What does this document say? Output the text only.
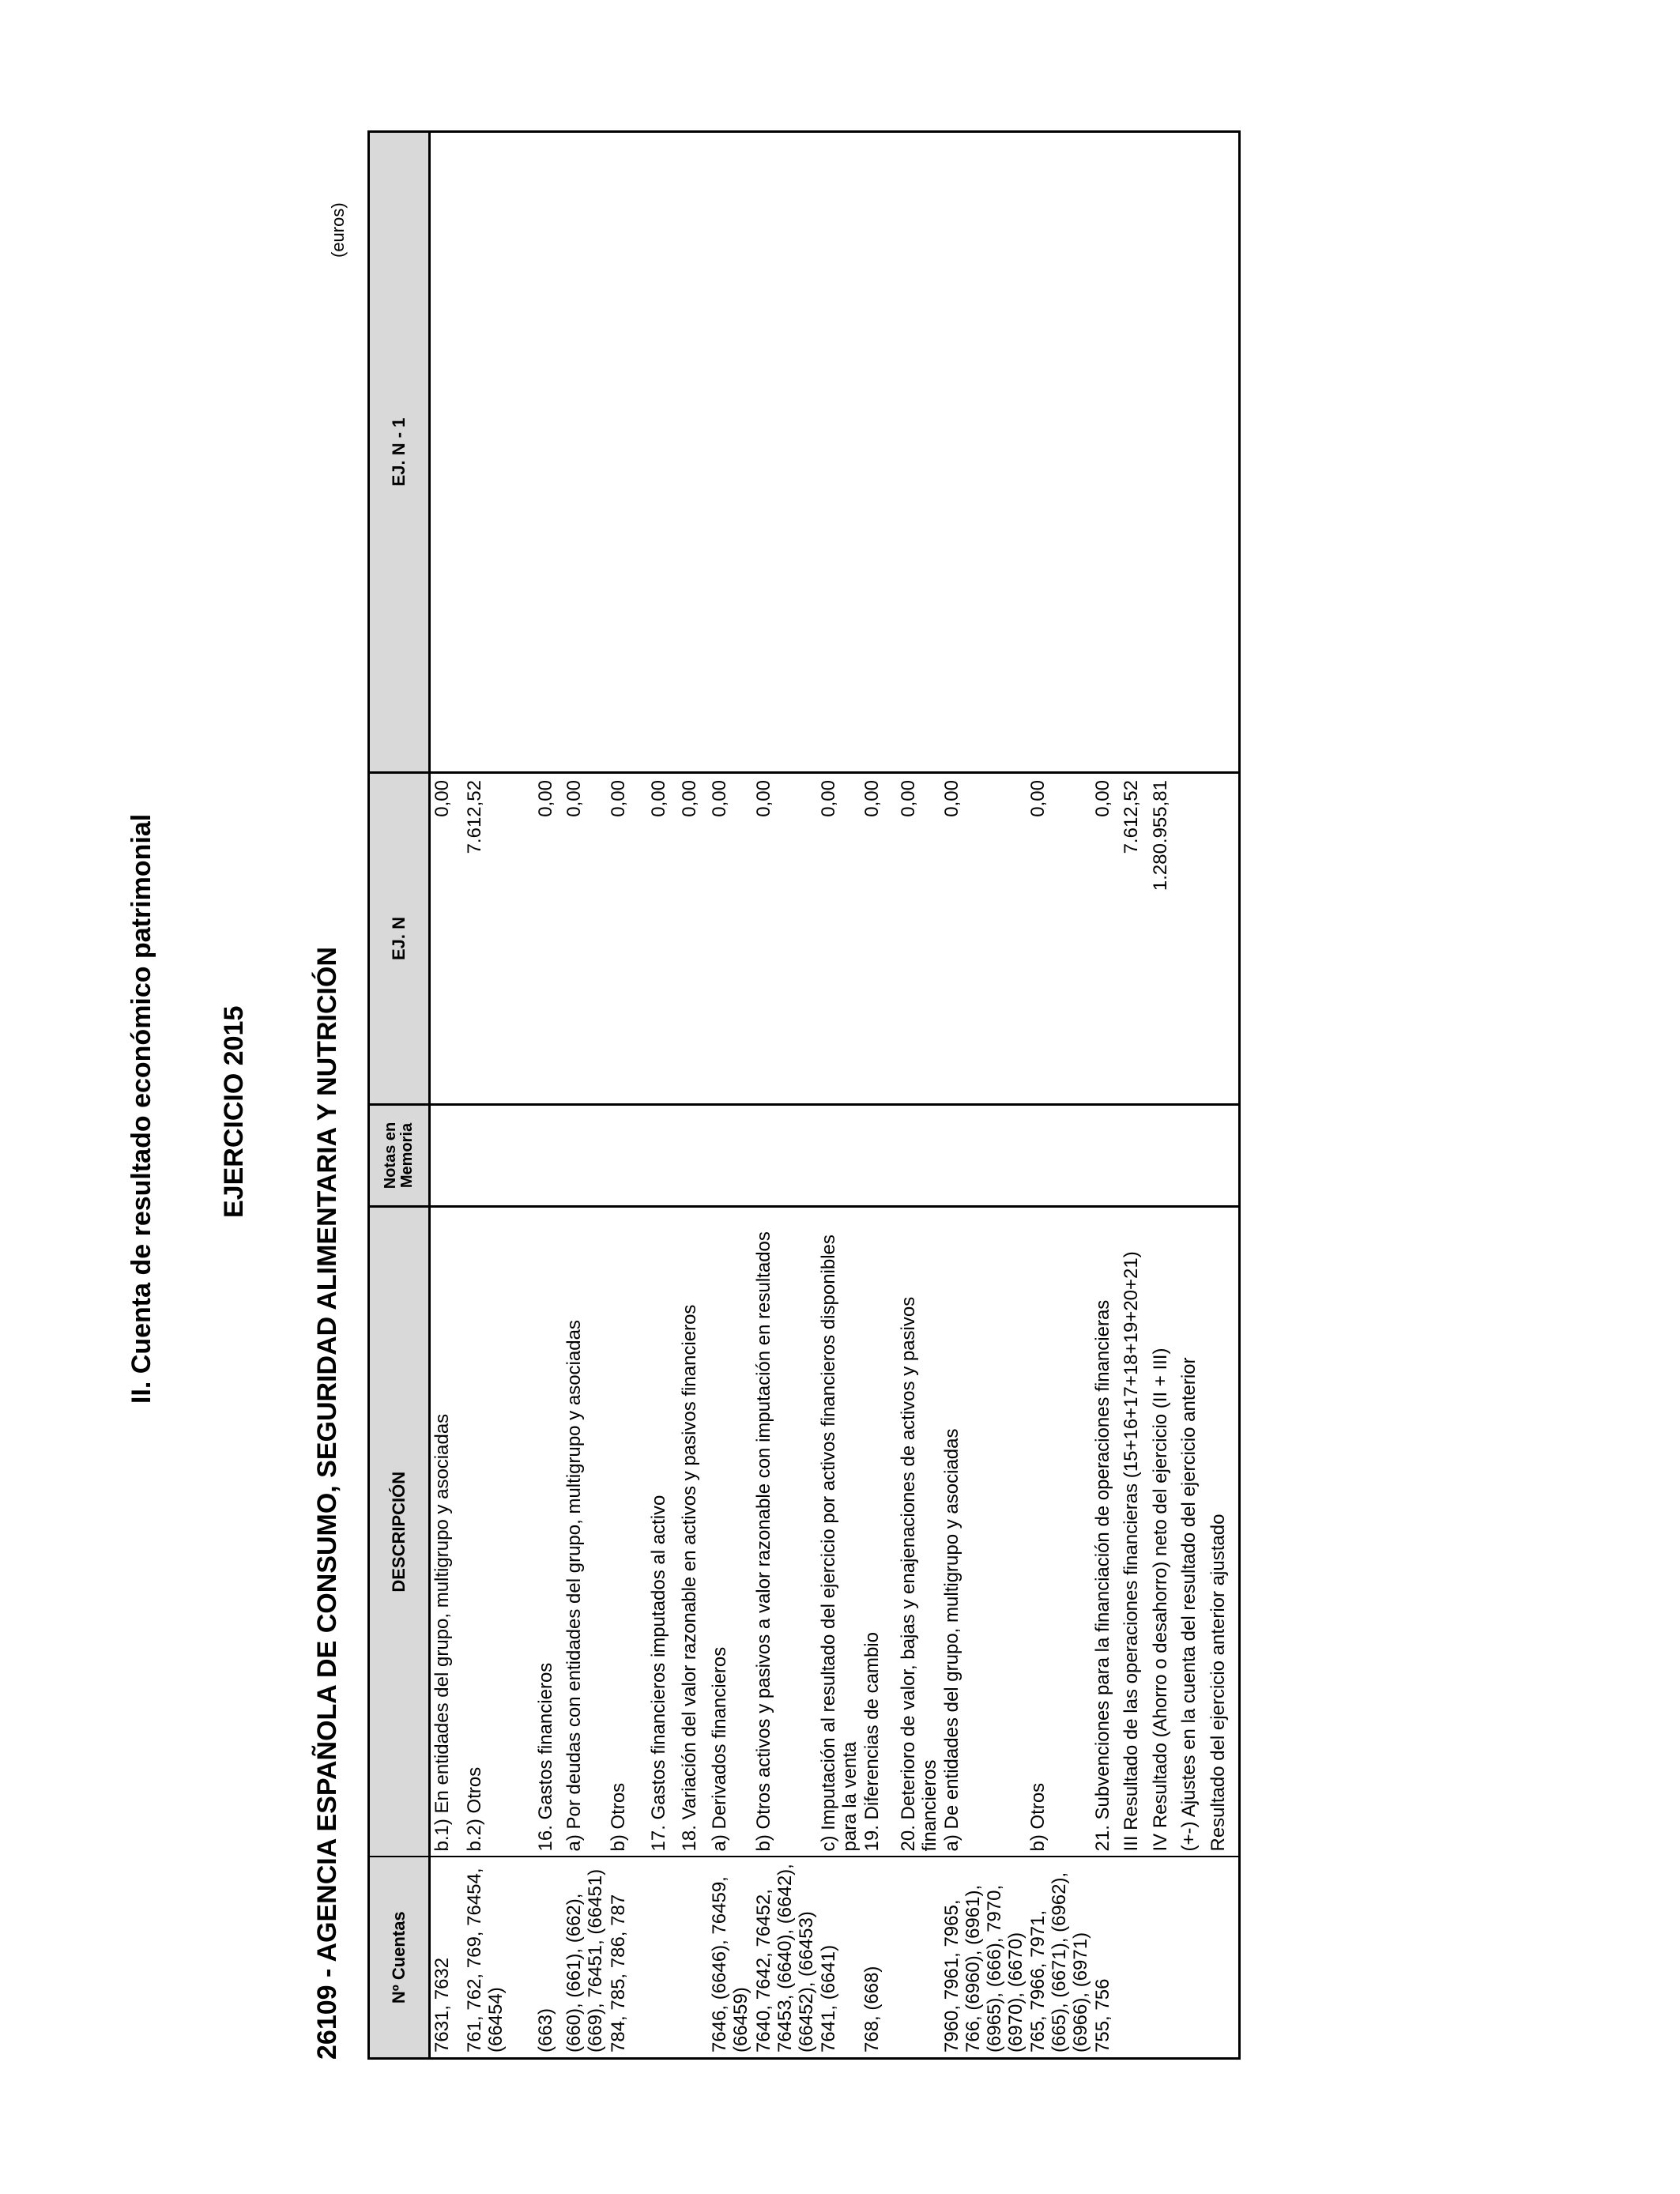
II. Cuenta de resultado económico patrimonial EJERCICIO 2015 26109 - AGENCIA ESPAÑOLA DE CONSUMO, SEGURIDAD ALIMENTARIA Y NUTRICIÓN
(euros)
Nº Cuentas	DESCRIPCIÓN	Notas en Memoria	EJ. N	EJ. N - 1
7631, 7632	b.1) En entidades del grupo, multigrupo y asociadas		0,00	
761, 762, 769, 76454, (66454)	b.2) Otros		7.612,52	

(663)	16. Gastos financieros		0,00	
(660), (661), (662), (669), 76451, (66451)	a) Por deudas con entidades del grupo, multigrupo y asociadas		0,00	
784, 785, 786, 787	b) Otros		0,00	
	17. Gastos financieros imputados al activo		0,00	
	18. Variación del valor razonable en activos y pasivos financieros		0,00	
7646, (6646), 76459, (66459)	a) Derivados financieros		0,00	
7640, 7642, 76452, 76453, (6640), (6642), (66452), (66453)	b) Otros activos y pasivos a valor razonable con imputación en resultados		0,00	
7641, (6641)	c) Imputación al resultado del ejercicio por activos financieros disponibles para la venta		0,00	
768, (668)	19. Diferencias de cambio		0,00	
	20. Deterioro de valor, bajas y enajenaciones de activos y pasivos financieros		0,00	
7960, 7961, 7965, 766, (6960), (6961), (6965), (666), 7970, (6970), (6670)	a) De entidades del grupo, multigrupo y asociadas		0,00	
765, 7966, 7971, (665), (6671), (6962), (6966), (6971)	b) Otros		0,00	
755, 756	21. Subvenciones para la financiación de operaciones financieras		0,00	
	III Resultado de las operaciones financieras (15+16+17+18+19+20+21)		7.612,52	
	IV Resultado (Ahorro o desahorro) neto del ejercicio (II + III)		1.280.955,81	
	(+-) Ajustes en la cuenta del resultado del ejercicio anterior			
	Resultado del ejercicio anterior ajustado			
